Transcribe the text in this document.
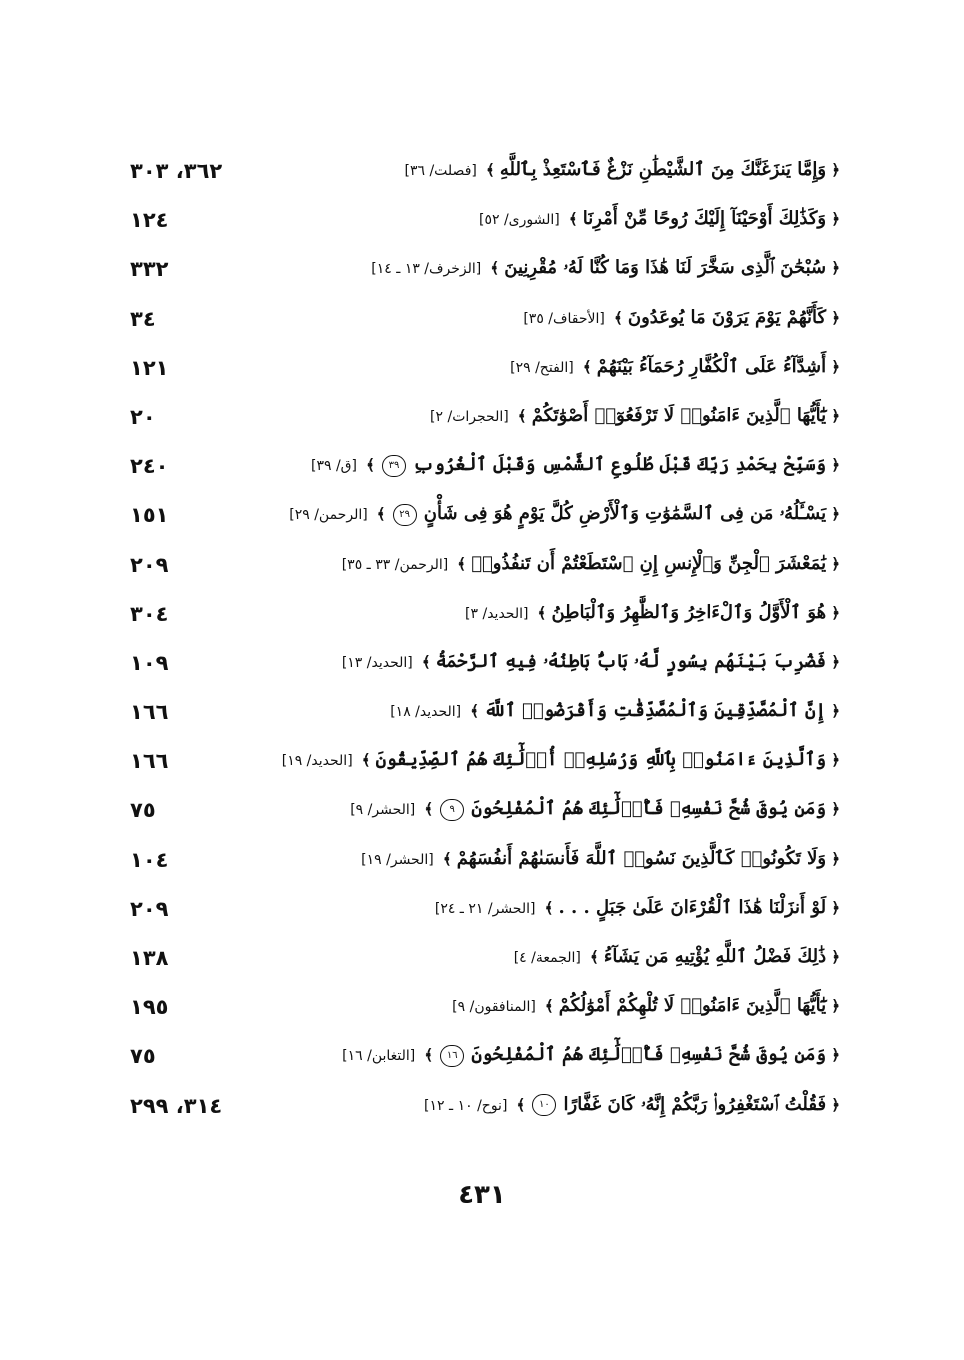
٣٦٢، ٣٠٣	﴿ وَإِمَّا يَنزَغَنَّكَ مِنَ ٱلشَّيْطَٰنِ نَزْغٌ فَٱسْتَعِذْ بِٱللَّهِ ﴾ [فصلت/ ٣٦]
١٢٤	﴿ وَكَذَٰلِكَ أَوْحَيْنَآ إِلَيْكَ رُوحًا مِّنْ أَمْرِنَا ﴾ [الشورى/ ٥٢]
٣٣٢	﴿ سُبْحَٰنَ ٱلَّذِى سَخَّرَ لَنَا هَٰذَا وَمَا كُنَّا لَهُۥ مُقْرِنِينَ ﴾ [الزخرف/ ١٣ ـ ١٤]
٣٤	﴿ كَأَنَّهُمْ يَوْمَ يَرَوْنَ مَا يُوعَدُونَ ﴾ [الأحقاف/ ٣٥]
١٢١	﴿ أَشِدَّآءُ عَلَى ٱلْكُفَّارِ رُحَمَآءُ بَيْنَهُمْ ﴾ [الفتح/ ٢٩]
٢٠	﴿ يَٰٓأَيُّهَا ٱلَّذِينَ ءَامَنُوا۟ لَا تَرْفَعُوٓا۟ أَصْوَٰتَكُمْ ﴾ [الحجرات/ ٢]
٢٤٠	﴿ وَسَبِّحْ بِحَمْدِ رَبِّكَ قَبْلَ طُلُوعِ ٱلشَّمْسِ وَقَبْلَ ٱلْغُرُوبِ ٣٩ ﴾ [ق/ ٣٩]
١٥١	﴿ يَسْـَٔلُهُۥ مَن فِى ٱلسَّمَٰوَٰتِ وَٱلْأَرْضِ كُلَّ يَوْمٍ هُوَ فِى شَأْنٍ ٢٩ ﴾ [الرحمن/ ٢٩]
٢٠٩	﴿ يَٰمَعْشَرَ ٱلْجِنِّ وَٱلْإِنسِ إِنِ ٱسْتَطَعْتُمْ أَن تَنفُذُوا۟ ﴾ [الرحمن/ ٣٣ ـ ٣٥]
٣٠٤	﴿ هُوَ ٱلْأَوَّلُ وَٱلْءَاخِرُ وَٱلظَّٰهِرُ وَٱلْبَاطِنُ ﴾ [الحديد/ ٣]
١٠٩	﴿ فَضُرِبَ بَيْنَهُم بِسُورٍ لَّهُۥ بَابٌۢ بَاطِنُهُۥ فِيهِ ٱلرَّحْمَةُ ﴾ [الحديد/ ١٣]
١٦٦	﴿ إِنَّ ٱلْمُصَّدِّقِينَ وَٱلْمُصَّدِّقَٰتِ وَأَقْرَضُوا۟ ٱللَّهَ ﴾ [الحديد/ ١٨]
١٦٦	﴿ وَٱلَّذِينَ ءَامَنُوا۟ بِٱللَّهِ وَرُسُلِهِۦٓ أُو۟لَٰٓئِكَ هُمُ ٱلصِّدِّيقُونَ ﴾ [الحديد/ ١٩]
٧٥	﴿ وَمَن يُوقَ شُحَّ نَفْسِهِۦ فَأُو۟لَٰٓئِكَ هُمُ ٱلْمُفْلِحُونَ ٩ ﴾ [الحشر/ ٩]
١٠٤	﴿ وَلَا تَكُونُوا۟ كَٱلَّذِينَ نَسُوا۟ ٱللَّهَ فَأَنسَىٰهُمْ أَنفُسَهُمْ ﴾ [الحشر/ ١٩]
٢٠٩	﴿ لَوْ أَنزَلْنَا هَٰذَا ٱلْقُرْءَانَ عَلَىٰ جَبَلٍ . . . ﴾ [الحشر/ ٢١ ـ ٢٤]
١٣٨	﴿ ذَٰلِكَ فَضْلُ ٱللَّهِ يُؤْتِيهِ مَن يَشَآءُ ﴾ [الجمعة/ ٤]
١٩٥	﴿ يَٰٓأَيُّهَا ٱلَّذِينَ ءَامَنُوا۟ لَا تُلْهِكُمْ أَمْوَٰلُكُمْ ﴾ [المنافقون/ ٩]
٧٥	﴿ وَمَن يُوقَ شُحَّ نَفْسِهِۦ فَأُو۟لَٰٓئِكَ هُمُ ٱلْمُفْلِحُونَ ١٦ ﴾ [التغابن/ ١٦]
٣١٤، ٢٩٩	﴿ فَقُلْتُ ٱسْتَغْفِرُوا۟ رَبَّكُمْ إِنَّهُۥ كَانَ غَفَّارًا ١٠ ﴾ [نوح/ ١٠ ـ ١٢]
٤٣١
